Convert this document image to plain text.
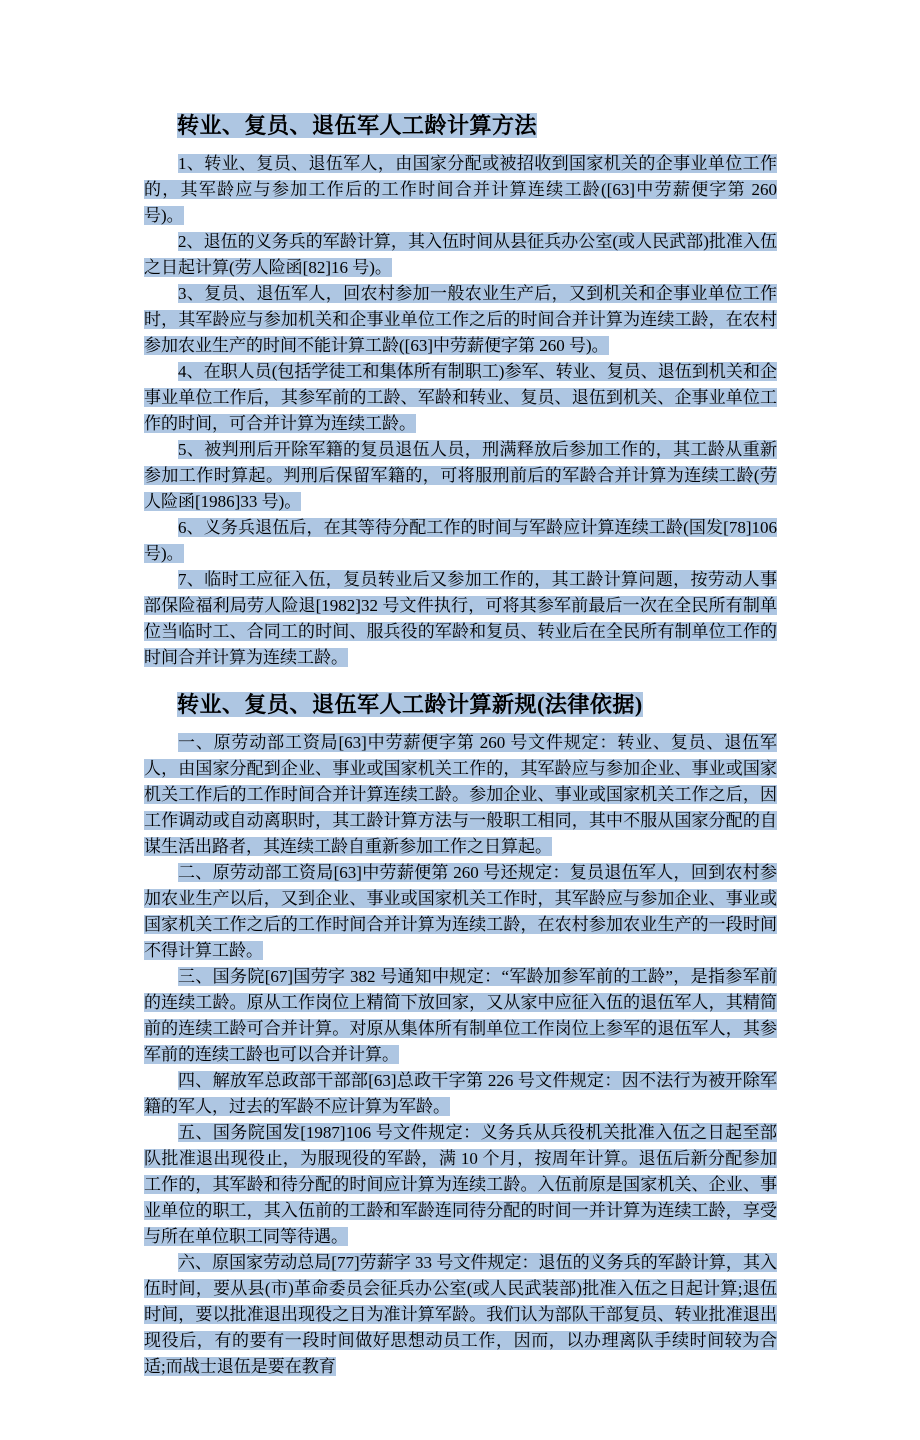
转业、复员、退伍军人工龄计算方法

1、转业、复员、退伍军人，由国家分配或被招收到国家机关的企事业单位工作的，其军龄应与参加工作后的工作时间合并计算连续工龄([63]中劳薪便字第 260 号)。

2、退伍的义务兵的军龄计算，其入伍时间从县征兵办公室(或人民武部)批准入伍之日起计算(劳人险函[82]16 号)。

3、复员、退伍军人，回农村参加一般农业生产后，又到机关和企事业单位工作时，其军龄应与参加机关和企事业单位工作之后的时间合并计算为连续工龄，在农村参加农业生产的时间不能计算工龄([63]中劳薪便字第 260 号)。

4、在职人员(包括学徒工和集体所有制职工)参军、转业、复员、退伍到机关和企事业单位工作后，其参军前的工龄、军龄和转业、复员、退伍到机关、企事业单位工作的时间，可合并计算为连续工龄。

5、被判刑后开除军籍的复员退伍人员，刑满释放后参加工作的，其工龄从重新参加工作时算起。判刑后保留军籍的，可将服刑前后的军龄合并计算为连续工龄(劳人险函[1986]33 号)。

6、义务兵退伍后，在其等待分配工作的时间与军龄应计算连续工龄(国发[78]106 号)。

7、临时工应征入伍，复员转业后又参加工作的，其工龄计算问题，按劳动人事部保险福利局劳人险退[1982]32 号文件执行，可将其参军前最后一次在全民所有制单位当临时工、合同工的时间、服兵役的军龄和复员、转业后在全民所有制单位工作的时间合并计算为连续工龄。

转业、复员、退伍军人工龄计算新规(法律依据)

一、原劳动部工资局[63]中劳薪便字第 260 号文件规定：转业、复员、退伍军人，由国家分配到企业、事业或国家机关工作的，其军龄应与参加企业、事业或国家机关工作后的工作时间合并计算连续工龄。参加企业、事业或国家机关工作之后，因工作调动或自动离职时，其工龄计算方法与一般职工相同，其中不服从国家分配的自谋生活出路者，其连续工龄自重新参加工作之日算起。

二、原劳动部工资局[63]中劳薪便第 260 号还规定：复员退伍军人，回到农村参加农业生产以后，又到企业、事业或国家机关工作时，其军龄应与参加企业、事业或国家机关工作之后的工作时间合并计算为连续工龄，在农村参加农业生产的一段时间不得计算工龄。

三、国务院[67]国劳字 382 号通知中规定：“军龄加参军前的工龄”，是指参军前的连续工龄。原从工作岗位上精简下放回家，又从家中应征入伍的退伍军人，其精简前的连续工龄可合并计算。对原从集体所有制单位工作岗位上参军的退伍军人，其参军前的连续工龄也可以合并计算。

四、解放军总政部干部部[63]总政干字第 226 号文件规定：因不法行为被开除军籍的军人，过去的军龄不应计算为军龄。

五、国务院国发[1987]106 号文件规定：义务兵从兵役机关批准入伍之日起至部队批准退出现役止，为服现役的军龄，满 10 个月，按周年计算。退伍后新分配参加工作的，其军龄和待分配的时间应计算为连续工龄。入伍前原是国家机关、企业、事业单位的职工，其入伍前的工龄和军龄连同待分配的时间一并计算为连续工龄，享受与所在单位职工同等待遇。

六、原国家劳动总局[77]劳薪字 33 号文件规定：退伍的义务兵的军龄计算，其入伍时间，要从县(市)革命委员会征兵办公室(或人民武装部)批准入伍之日起计算;退伍时间，要以批准退出现役之日为准计算军龄。我们认为部队干部复员、转业批准退出现役后，有的要有一段时间做好思想动员工作，因而，以办理离队手续时间较为合适;而战士退伍是要在教育
